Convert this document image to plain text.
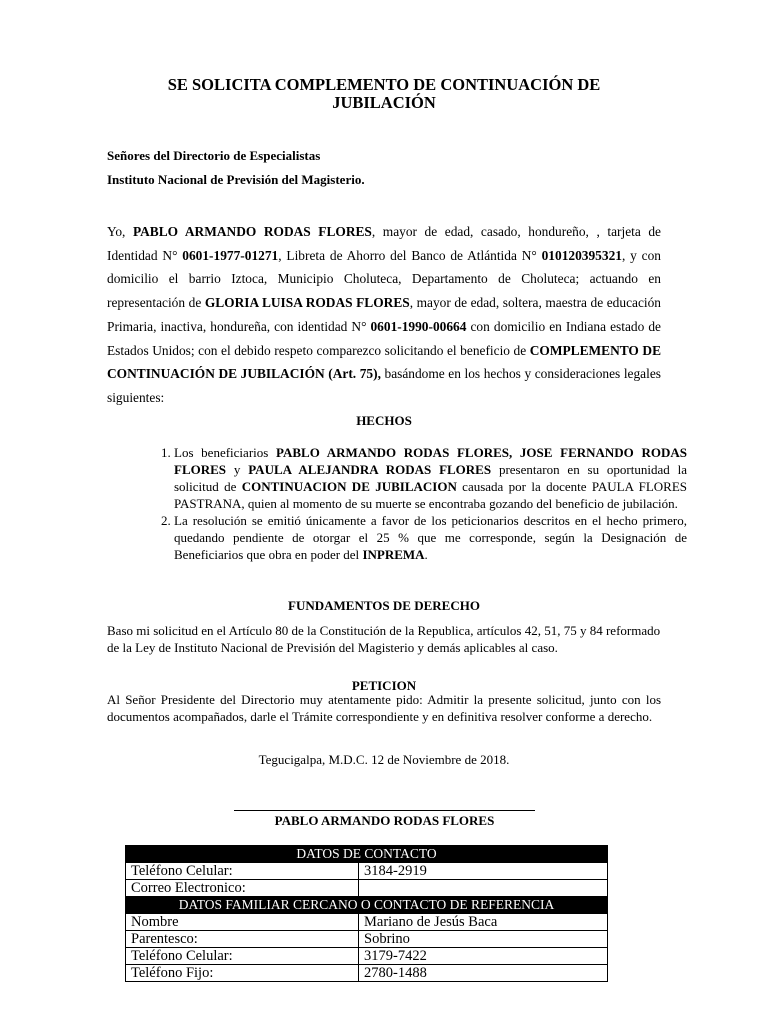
SE SOLICITA COMPLEMENTO DE CONTINUACIÓN DE
JUBILACIÓN

Señores del Directorio de Especialistas

Instituto Nacional de Previsión del Magisterio.

Yo, PABLO ARMANDO RODAS FLORES, mayor de edad, casado, hondureño, , tarjeta de Identidad N° 0601-1977-01271, Libreta de Ahorro del Banco de Atlántida N° 010120395321, y con domicilio el barrio Iztoca, Municipio Choluteca, Departamento de Choluteca; actuando en representación de GLORIA LUISA RODAS FLORES, mayor de edad, soltera, maestra de educación Primaria, inactiva, hondureña, con identidad N° 0601-1990-00664 con domicilio en Indiana estado de Estados Unidos; con el debido respeto comparezco solicitando el beneficio de COMPLEMENTO DE CONTINUACIÓN DE JUBILACIÓN (Art. 75), basándome en los hechos y consideraciones legales siguientes:

HECHOS

1. Los beneficiarios PABLO ARMANDO RODAS FLORES, JOSE FERNANDO RODAS FLORES y PAULA ALEJANDRA RODAS FLORES presentaron en su oportunidad la solicitud de CONTINUACION DE JUBILACION causada por la docente PAULA FLORES PASTRANA, quien al momento de su muerte se encontraba gozando del beneficio de jubilación.
2. La resolución se emitió únicamente a favor de los peticionarios descritos en el hecho primero, quedando pendiente de otorgar el 25 % que me corresponde, según la Designación de Beneficiarios que obra en poder del INPREMA.

FUNDAMENTOS DE DERECHO

Baso mi solicitud en el Artículo 80 de la Constitución de la Republica, artículos 42, 51, 75 y 84 reformado de la Ley de Instituto Nacional de Previsión del Magisterio y demás aplicables al caso.

PETICION

Al Señor Presidente del Directorio muy atentamente pido: Admitir la presente solicitud, junto con los documentos acompañados, darle el Trámite correspondiente y en definitiva resolver conforme a derecho.

Tegucigalpa, M.D.C. 12 de Noviembre de 2018.

PABLO ARMANDO RODAS FLORES

DATOS DE CONTACTO	
Teléfono Celular:	3184-2919
Correo Electronico:	
DATOS FAMILIAR CERCANO O CONTACTO DE REFERENCIA	
Nombre	Mariano de Jesús Baca
Parentesco:	Sobrino
Teléfono Celular:	3179-7422
Teléfono Fijo:	2780-1488
